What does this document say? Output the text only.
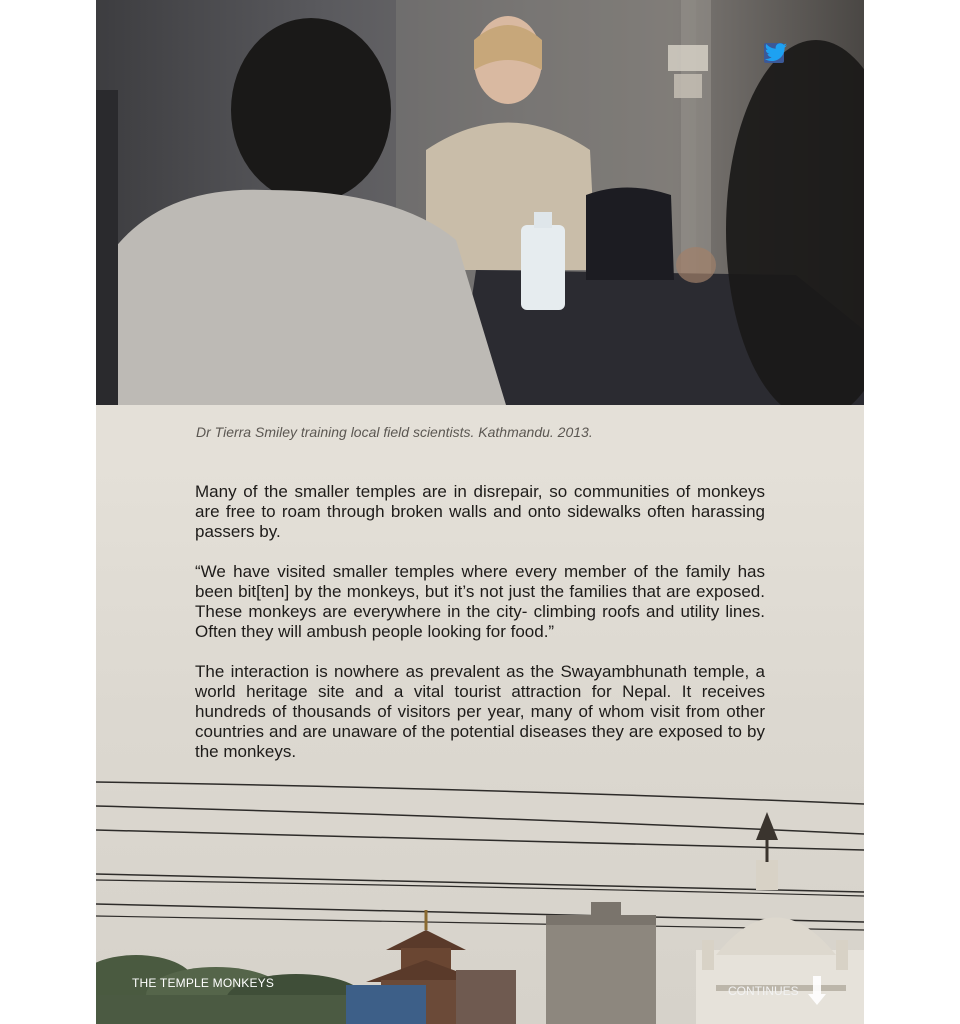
Dr Tierra Smiley training local field scientists. Kathmandu. 2013.

Many of the smaller temples are in disrepair, so communities of monkeys are free to roam through broken walls and onto sidewalks often harassing passers by.

“We have visited smaller temples where every member of the family has been bit[ten] by the monkeys, but it’s not just the families that are exposed. These monkeys are everywhere in the city- climbing roofs and utility lines. Often they will ambush people looking for food.”

The interaction is nowhere as prevalent as the Swayambhunath temple, a world heritage site and a vital tourist attraction for Nepal. It receives hundreds of thousands of visitors per year, many of whom visit from other countries and are unaware of the potential diseases they are exposed to by the monkeys.

THE TEMPLE MONKEYS
CONTINUES
